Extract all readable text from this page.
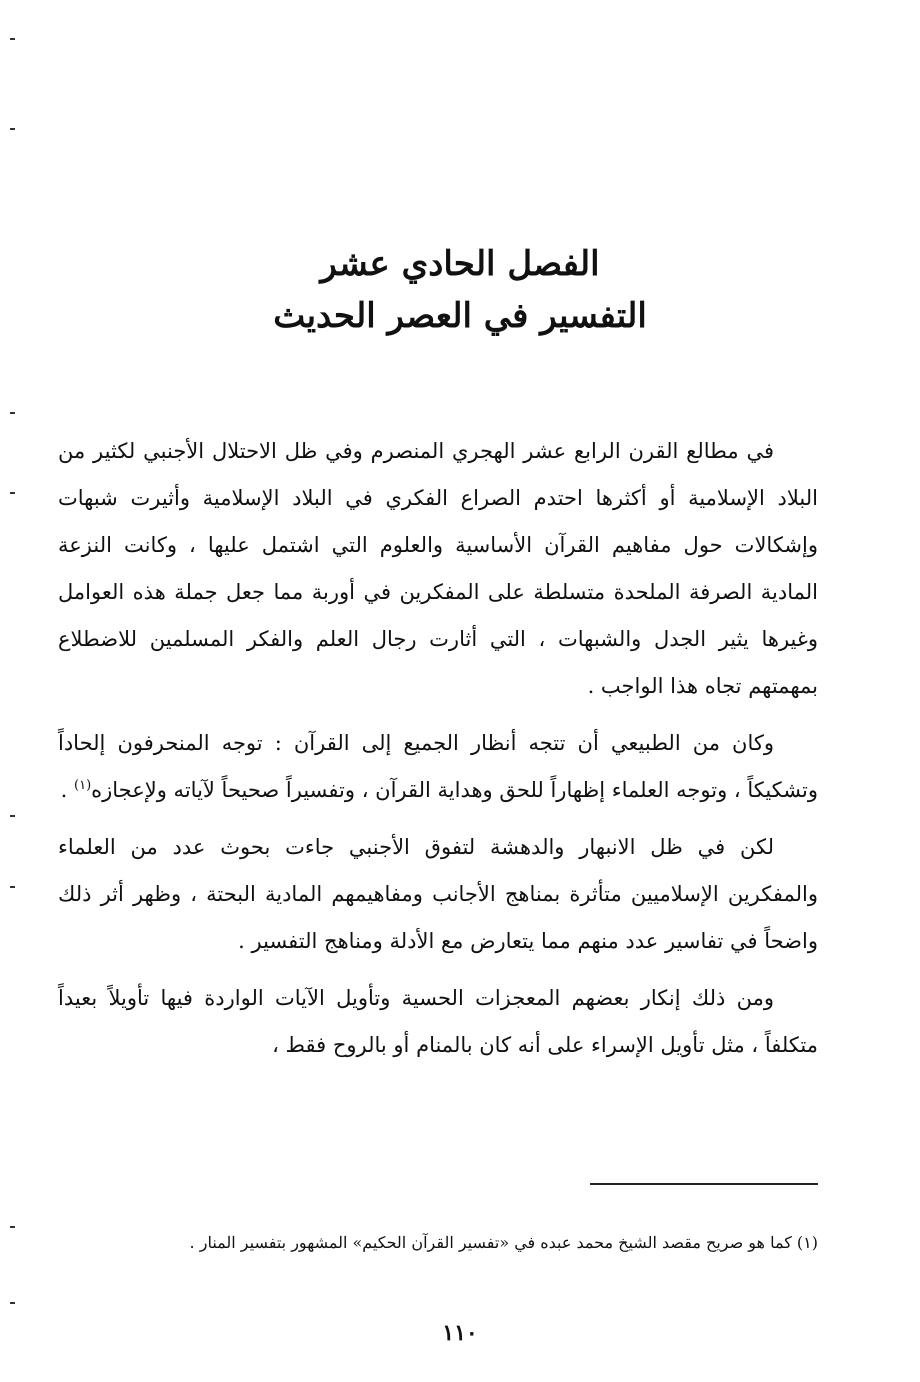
الفصل الحادي عشر

التفسير في العصر الحديث

في مطالع القرن الرابع عشر الهجري المنصرم وفي ظل الاحتلال الأجنبي لكثير من البلاد الإسلامية أو أكثرها احتدم الصراع الفكري في البلاد الإسلامية وأثيرت شبهات وإشكالات حول مفاهيم القرآن الأساسية والعلوم التي اشتمل عليها ، وكانت النزعة المادية الصرفة الملحدة متسلطة على المفكرين في أوربة مما جعل جملة هذه العوامل وغيرها يثير الجدل والشبهات ، التي أثارت رجال العلم والفكر المسلمين للاضطلاع بمهمتهم تجاه هذا الواجب .

وكان من الطبيعي أن تتجه أنظار الجميع إلى القرآن : توجه المنحرفون إلحاداً وتشكيكاً ، وتوجه العلماء إظهاراً للحق وهداية القرآن ، وتفسيراً صحيحاً لآياته ولإعجازه$^{(١)}$ .

لكن في ظل الانبهار والدهشة لتفوق الأجنبي جاءت بحوث عدد من العلماء والمفكرين الإسلاميين متأثرة بمناهج الأجانب ومفاهيمهم المادية البحتة ، وظهر أثر ذلك واضحاً في تفاسير عدد منهم مما يتعارض مع الأدلة ومناهج التفسير .

ومن ذلك إنكار بعضهم المعجزات الحسية وتأويل الآيات الواردة فيها تأويلاً بعيداً متكلفاً ، مثل تأويل الإسراء على أنه كان بالمنام أو بالروح فقط ،

(١) كما هو صريح مقصد الشيخ محمد عبده في «تفسير القرآن الحكيم» المشهور بتفسير المنار .

١١٠
